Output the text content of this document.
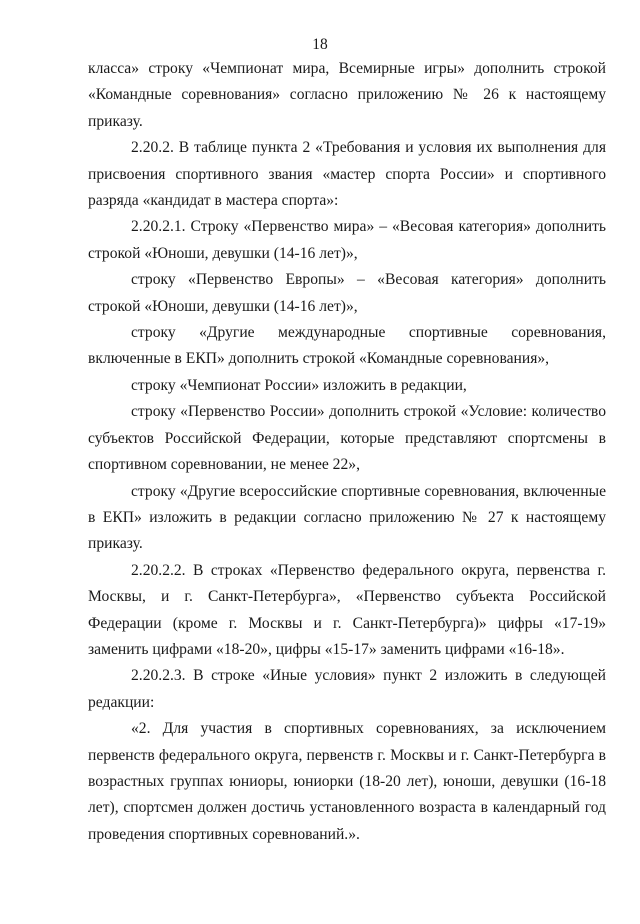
18

класса» строку «Чемпионат мира, Всемирные игры» дополнить строкой «Командные соревнования» согласно приложению № 26 к настоящему приказу.

2.20.2. В таблице пункта 2 «Требования и условия их выполнения для присвоения спортивного звания «мастер спорта России» и спортивного разряда «кандидат в мастера спорта»:

2.20.2.1. Строку «Первенство мира» – «Весовая категория» дополнить строкой «Юноши, девушки (14-16 лет)»,

строку «Первенство Европы» – «Весовая категория» дополнить строкой «Юноши, девушки (14-16 лет)»,

строку «Другие международные спортивные соревнования, включенные в ЕКП» дополнить строкой «Командные соревнования»,

строку «Чемпионат России» изложить в редакции,

строку «Первенство России» дополнить строкой «Условие: количество субъектов Российской Федерации, которые представляют спортсмены в спортивном соревновании, не менее 22»,

строку «Другие всероссийские спортивные соревнования, включенные в ЕКП» изложить в редакции согласно приложению № 27 к настоящему приказу.

2.20.2.2. В строках «Первенство федерального округа, первенства г. Москвы, и г. Санкт-Петербурга», «Первенство субъекта Российской Федерации (кроме г. Москвы и г. Санкт-Петербурга)» цифры «17-19» заменить цифрами «18-20», цифры «15-17» заменить цифрами «16-18».

2.20.2.3. В строке «Иные условия» пункт 2 изложить в следующей редакции:

«2. Для участия в спортивных соревнованиях, за исключением первенств федерального округа, первенств г. Москвы и г. Санкт-Петербурга в возрастных группах юниоры, юниорки (18-20 лет), юноши, девушки (16-18 лет), спортсмен должен достичь установленного возраста в календарный год проведения спортивных соревнований.».
